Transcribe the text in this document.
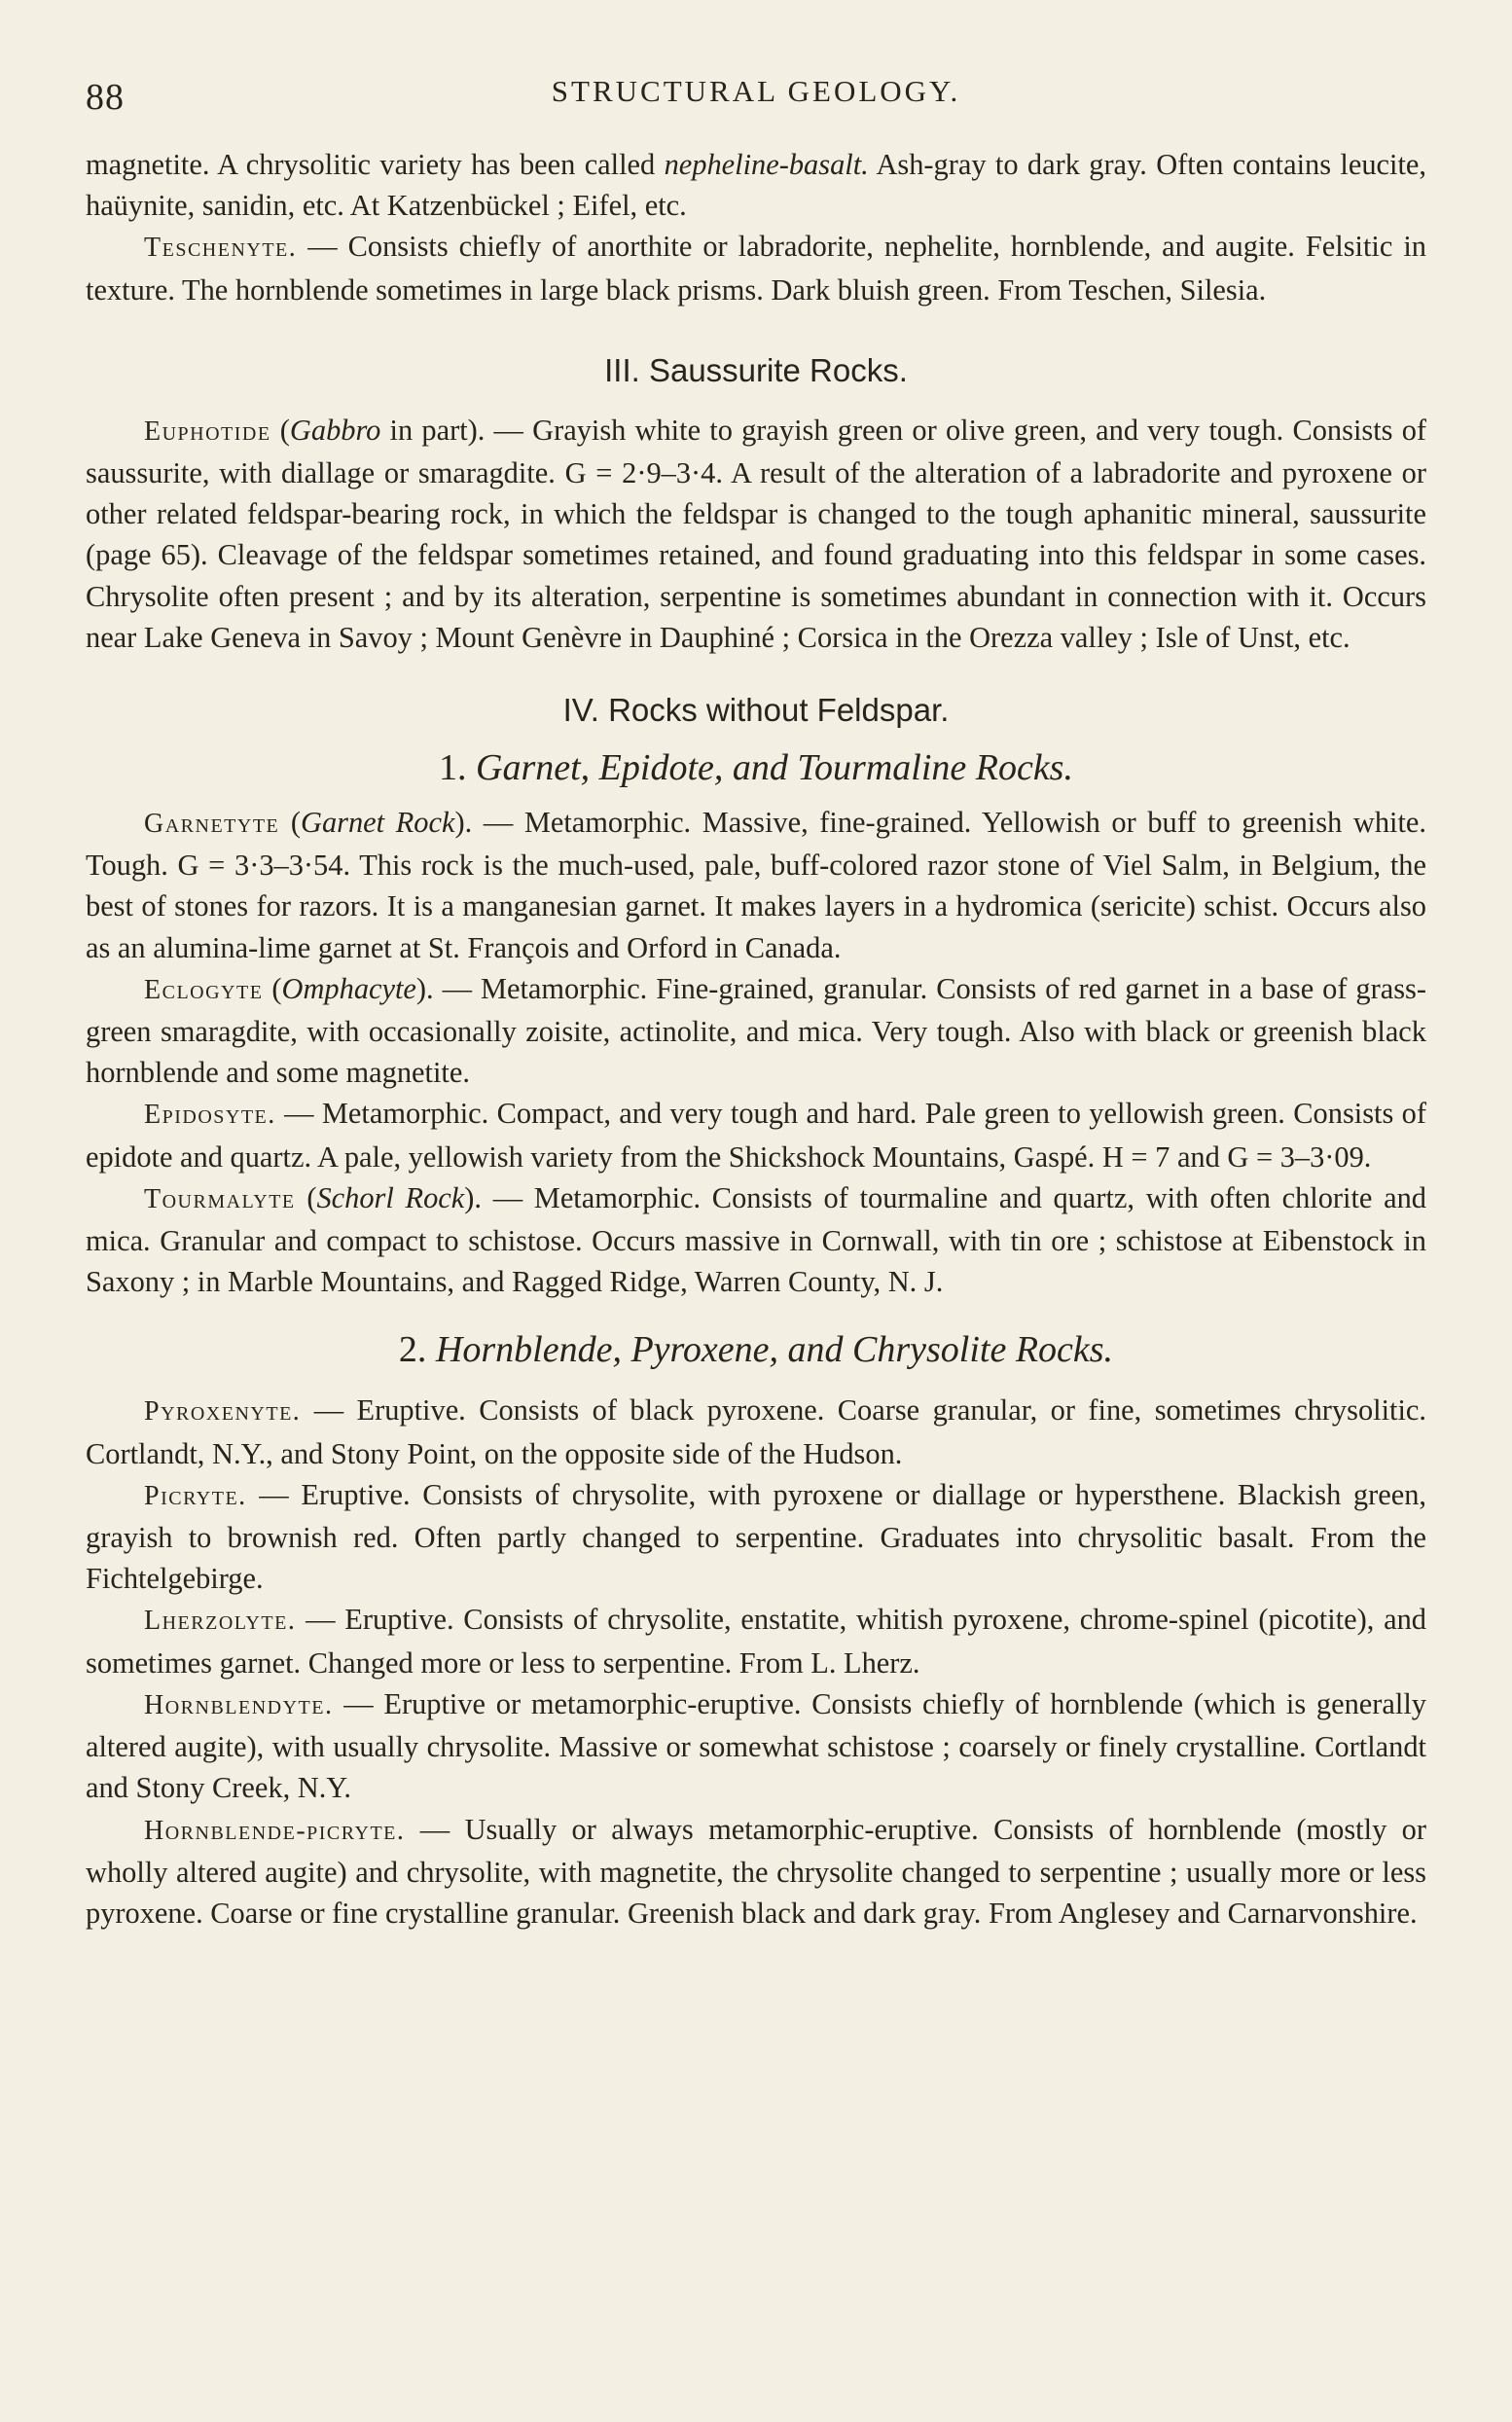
88	STRUCTURAL GEOLOGY.

magnetite. A chrysolitic variety has been called nepheline-basalt. Ash-gray to dark gray. Often contains leucite, haüynite, sanidin, etc. At Katzenbückel ; Eifel, etc.

Teschenyte. — Consists chiefly of anorthite or labradorite, nephelite, hornblende, and augite. Felsitic in texture. The hornblende sometimes in large black prisms. Dark bluish green. From Teschen, Silesia.

III. Saussurite Rocks.

Euphotide (Gabbro in part). — Grayish white to grayish green or olive green, and very tough. Consists of saussurite, with diallage or smaragdite. G = 2·9–3·4. A result of the alteration of a labradorite and pyroxene or other related feldspar-bearing rock, in which the feldspar is changed to the tough aphanitic mineral, saussurite (page 65). Cleavage of the feldspar sometimes retained, and found graduating into this feldspar in some cases. Chrysolite often present ; and by its alteration, serpentine is sometimes abundant in connection with it. Occurs near Lake Geneva in Savoy ; Mount Genèvre in Dauphiné ; Corsica in the Orezza valley ; Isle of Unst, etc.

IV. Rocks without Feldspar.
1. Garnet, Epidote, and Tourmaline Rocks.

Garnetyte (Garnet Rock). — Metamorphic. Massive, fine-grained. Yellowish or buff to greenish white. Tough. G = 3·3–3·54. This rock is the much-used, pale, buff-colored razor stone of Viel Salm, in Belgium, the best of stones for razors. It is a manganesian garnet. It makes layers in a hydromica (sericite) schist. Occurs also as an alumina-lime garnet at St. François and Orford in Canada.

Eclogyte (Omphacyte). — Metamorphic. Fine-grained, granular. Consists of red garnet in a base of grass-green smaragdite, with occasionally zoisite, actinolite, and mica. Very tough. Also with black or greenish black hornblende and some magnetite.

Epidosyte. — Metamorphic. Compact, and very tough and hard. Pale green to yellowish green. Consists of epidote and quartz. A pale, yellowish variety from the Shickshock Mountains, Gaspé. H = 7 and G = 3–3·09.

Tourmalyte (Schorl Rock). — Metamorphic. Consists of tourmaline and quartz, with often chlorite and mica. Granular and compact to schistose. Occurs massive in Cornwall, with tin ore ; schistose at Eibenstock in Saxony ; in Marble Mountains, and Ragged Ridge, Warren County, N. J.

2. Hornblende, Pyroxene, and Chrysolite Rocks.

Pyroxenyte. — Eruptive. Consists of black pyroxene. Coarse granular, or fine, sometimes chrysolitic. Cortlandt, N.Y., and Stony Point, on the opposite side of the Hudson.

Picryte. — Eruptive. Consists of chrysolite, with pyroxene or diallage or hypersthene. Blackish green, grayish to brownish red. Often partly changed to serpentine. Graduates into chrysolitic basalt. From the Fichtelgebirge.

Lherzolyte. — Eruptive. Consists of chrysolite, enstatite, whitish pyroxene, chrome-spinel (picotite), and sometimes garnet. Changed more or less to serpentine. From L. Lherz.

Hornblendyte. — Eruptive or metamorphic-eruptive. Consists chiefly of hornblende (which is generally altered augite), with usually chrysolite. Massive or somewhat schistose ; coarsely or finely crystalline. Cortlandt and Stony Creek, N.Y.

Hornblende-picryte. — Usually or always metamorphic-eruptive. Consists of hornblende (mostly or wholly altered augite) and chrysolite, with magnetite, the chrysolite changed to serpentine ; usually more or less pyroxene. Coarse or fine crystalline granular. Greenish black and dark gray. From Anglesey and Carnarvonshire.
